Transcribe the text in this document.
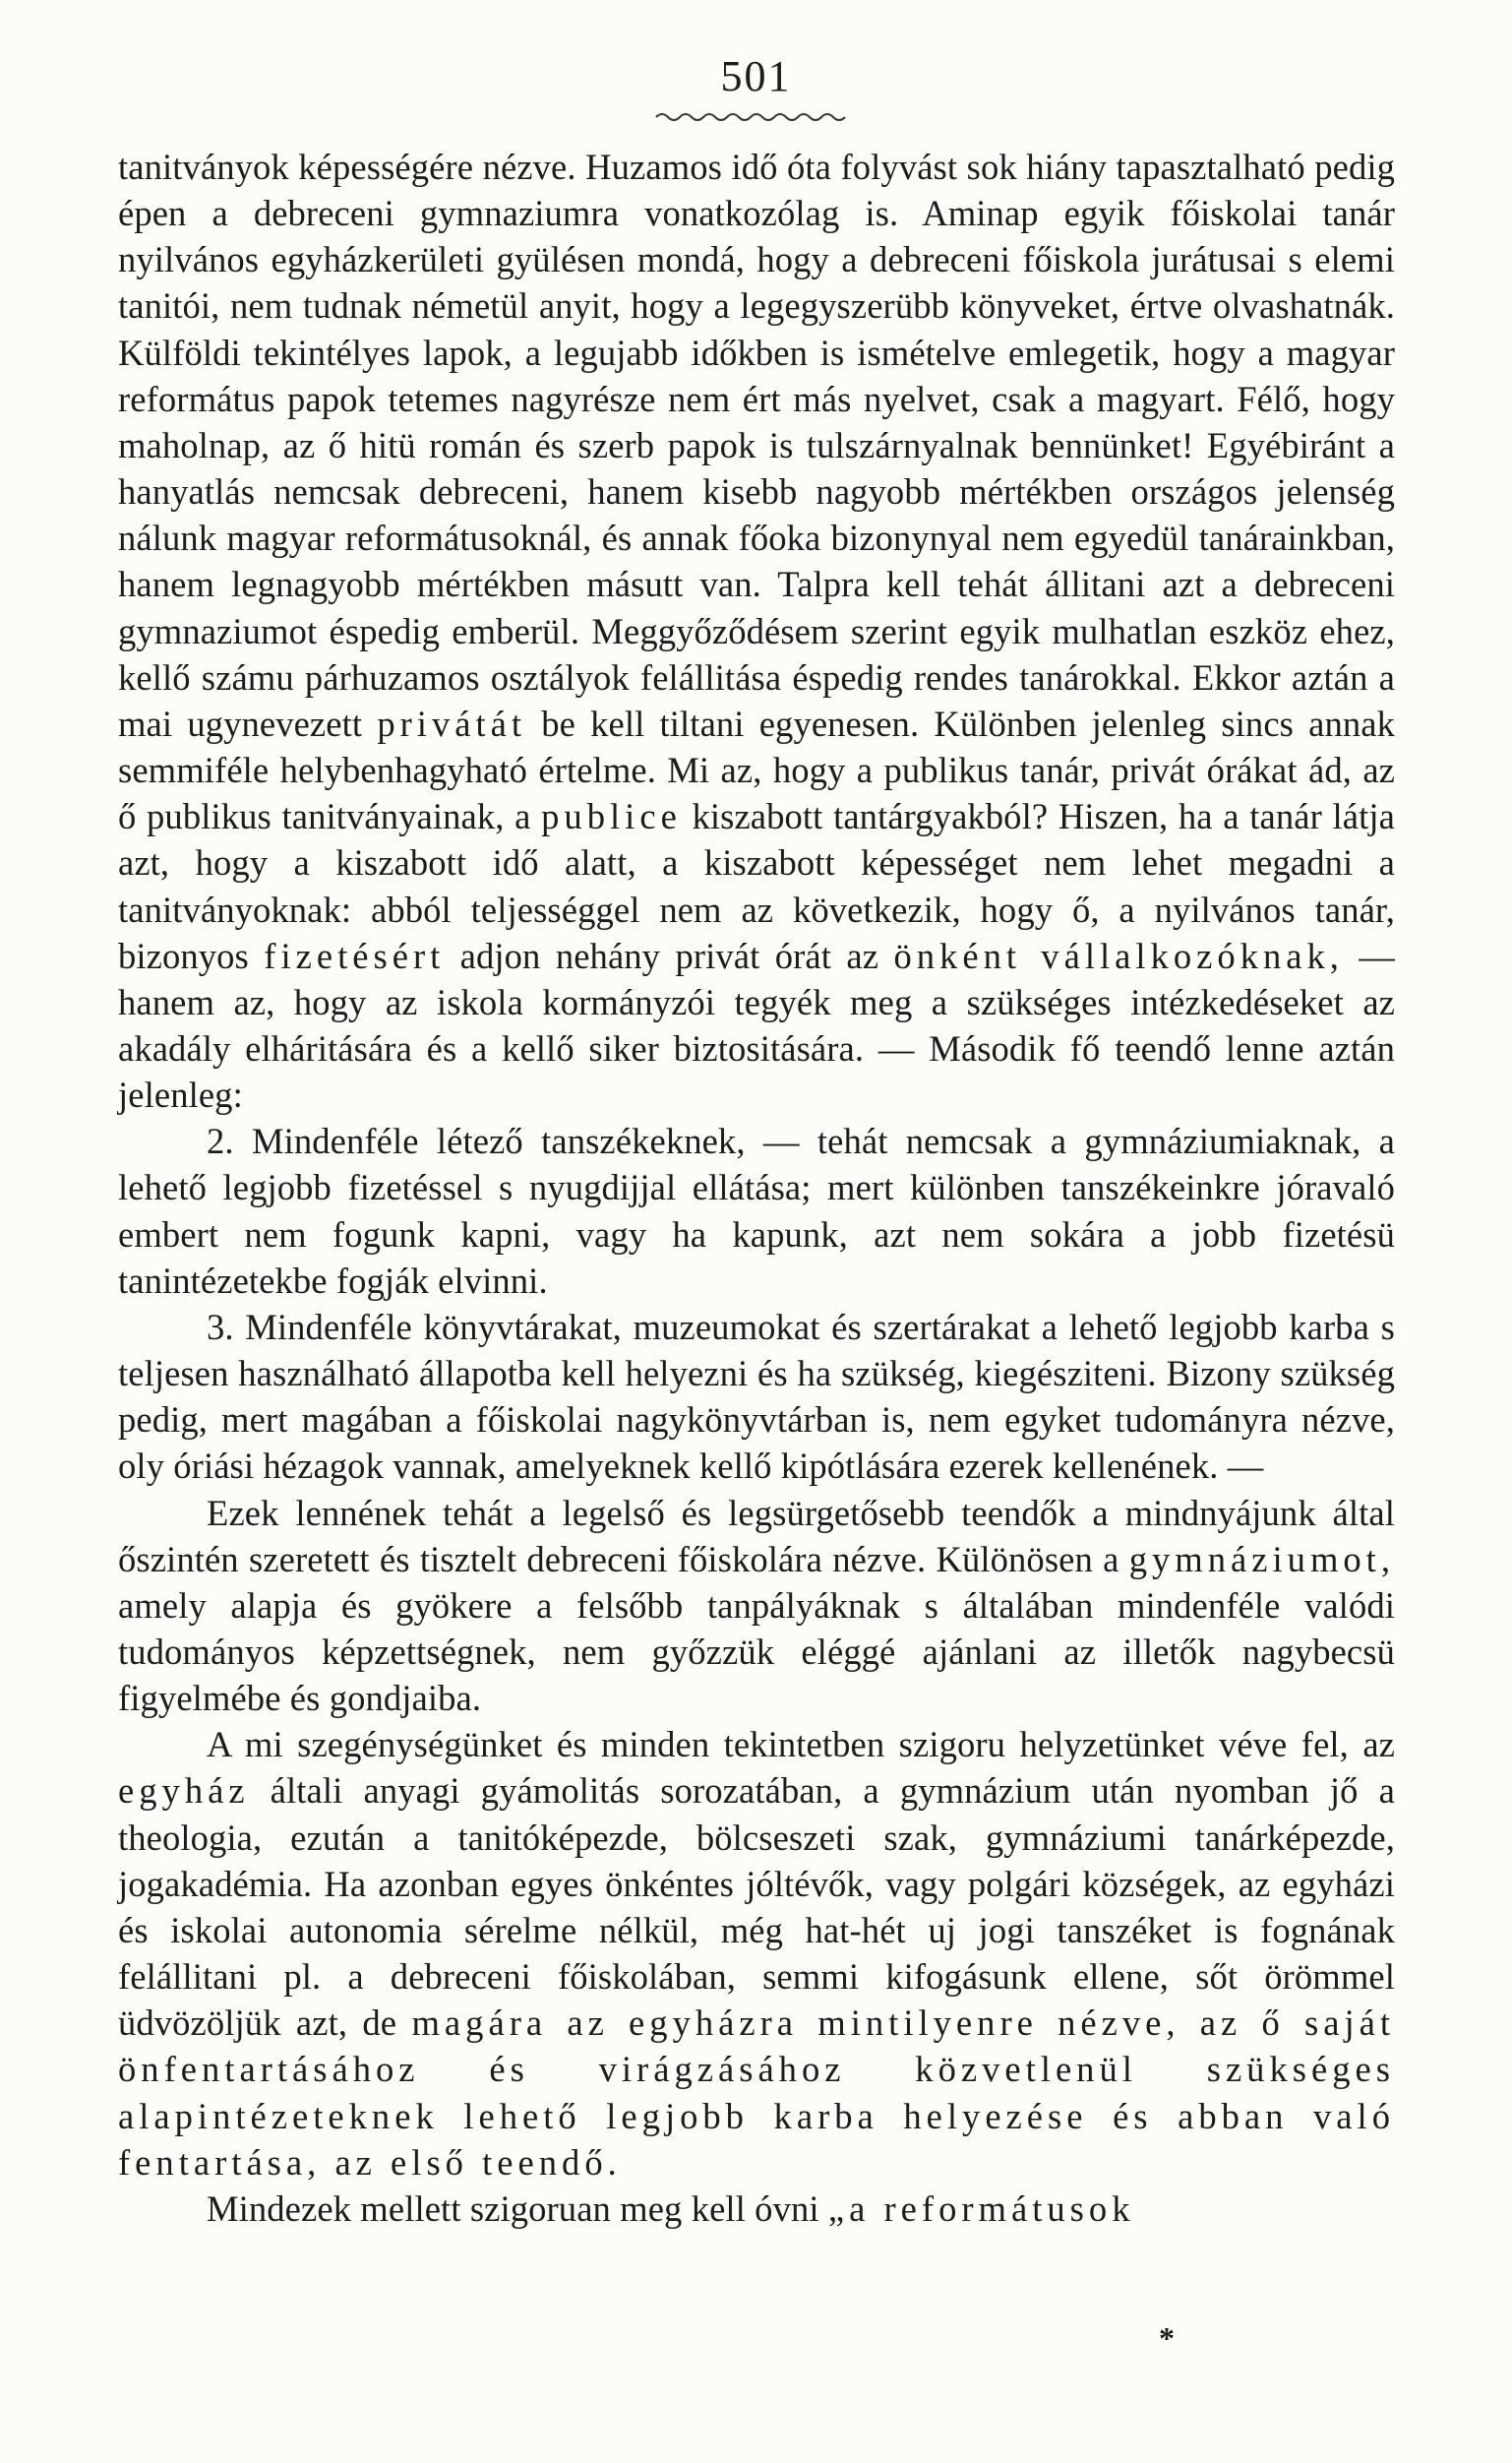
501

tanitványok képességére nézve. Huzamos idő óta folyvást sok hiány tapasztalható pedig épen a debreceni gymnaziumra vonatkozólag is. Aminap egyik főiskolai tanár nyilvános egyházkerületi gyülésen mondá, hogy a debreceni főiskola jurátusai s elemi tanitói, nem tudnak németül anyit, hogy a legegyszerübb könyveket, értve olvashatnák. Külföldi tekintélyes lapok, a legujabb időkben is ismételve emlegetik, hogy a magyar református papok tetemes nagyrésze nem ért más nyelvet, csak a magyart. Félő, hogy maholnap, az ő hitü román és szerb papok is tulszárnyalnak bennünket! Egyébiránt a hanyatlás nemcsak debreceni, hanem kisebb nagyobb mértékben országos jelenség nálunk magyar reformátusoknál, és annak főoka bizonynyal nem egyedül tanárainkban, hanem legnagyobb mértékben másutt van. Talpra kell tehát állitani azt a debreceni gymnaziumot éspedig emberül. Meggyőződésem szerint egyik mulhatlan eszköz ehez, kellő számu párhuzamos osztályok felállitása éspedig rendes tanárokkal. Ekkor aztán a mai ugynevezett privátát be kell tiltani egyenesen. Különben jelenleg sincs annak semmiféle helybenhagyható értelme. Mi az, hogy a publikus tanár, privát órákat ád, az ő publikus tanitványainak, a publice kiszabott tantárgyakból? Hiszen, ha a tanár látja azt, hogy a kiszabott idő alatt, a kiszabott képességet nem lehet megadni a tanitványoknak: abból teljességgel nem az következik, hogy ő, a nyilvános tanár, bizonyos fizetésért adjon nehány privát órát az önként vállalkozóknak, — hanem az, hogy az iskola kormányzói tegyék meg a szükséges intézkedéseket az akadály elháritására és a kellő siker biztositására. — Második fő teendő lenne aztán jelenleg:

2. Mindenféle létező tanszékeknek, — tehát nemcsak a gymnáziumiaknak, a lehető legjobb fizetéssel s nyugdijjal ellátása; mert különben tanszékeinkre jóravaló embert nem fogunk kapni, vagy ha kapunk, azt nem sokára a jobb fizetésü tanintézetekbe fogják elvinni.

3. Mindenféle könyvtárakat, muzeumokat és szertárakat a lehető legjobb karba s teljesen használható állapotba kell helyezni és ha szükség, kiegésziteni. Bizony szükség pedig, mert magában a főiskolai nagykönyvtárban is, nem egyket tudományra nézve, oly óriási hézagok vannak, amelyeknek kellő kipótlására ezerek kellenének. —

Ezek lennének tehát a legelső és legsürgetősebb teendők a mindnyájunk által őszintén szeretett és tisztelt debreceni főiskolára nézve. Különösen a gymnáziumot, amely alapja és gyökere a felsőbb tanpályáknak s általában mindenféle valódi tudományos képzettségnek, nem győzzük eléggé ajánlani az illetők nagybecsü figyelmébe és gondjaiba.

A mi szegénységünket és minden tekintetben szigoru helyzetünket véve fel, az egyház általi anyagi gyámolitás sorozatában, a gymnázium után nyomban jő a theologia, ezután a tanitóképezde, bölcseszeti szak, gymnáziumi tanárképezde, jogakadémia. Ha azonban egyes önkéntes jóltévők, vagy polgári községek, az egyházi és iskolai autonomia sérelme nélkül, még hat-hét uj jogi tanszéket is fognának felállitani pl. a debreceni főiskolában, semmi kifogásunk ellene, sőt örömmel üdvözöljük azt, de magára az egyházra mintilyenre nézve, az ő saját önfentartásához és virágzásához közvetlenül szükséges alapintézeteknek lehető legjobb karba helyezése és abban való fentartása, az első teendő.

Mindezek mellett szigoruan meg kell óvni „a reformátusok

*
